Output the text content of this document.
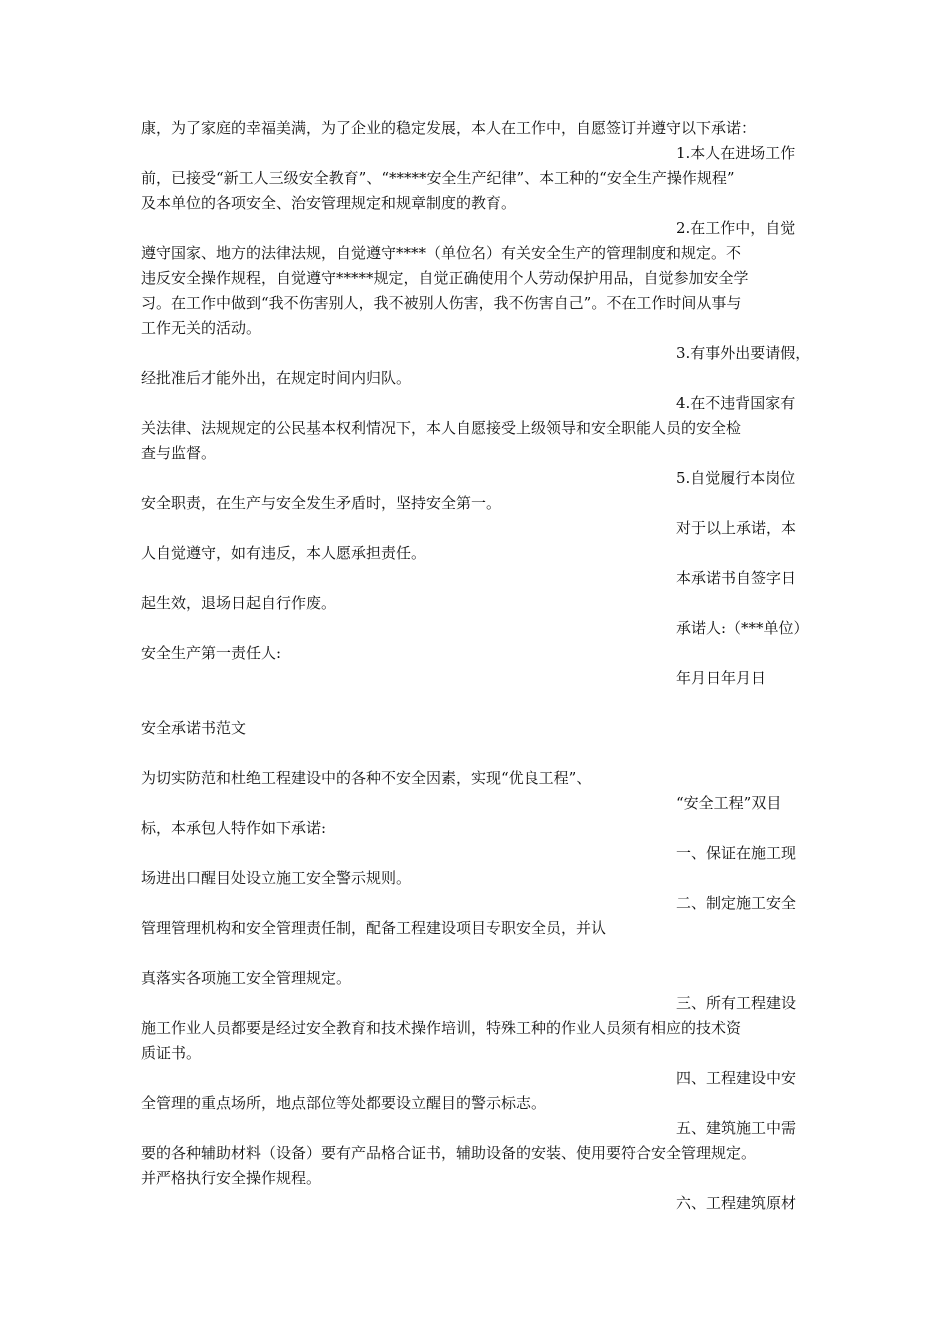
康，为了家庭的幸福美满，为了企业的稳定发展，本人在工作中，自愿签订并遵守以下承诺：

1.本人在进场工作

前，已接受“新工人三级安全教育”、“*****安全生产纪律”、本工种的“安全生产操作规程”

及本单位的各项安全、治安管理规定和规章制度的教育。

2.在工作中，自觉

遵守国家、地方的法律法规，自觉遵守****（单位名）有关安全生产的管理制度和规定。不

违反安全操作规程，自觉遵守*****规定，自觉正确使用个人劳动保护用品，自觉参加安全学

习。在工作中做到“我不伤害别人，我不被别人伤害，我不伤害自己”。不在工作时间从事与

工作无关的活动。

3.有事外出要请假，

经批准后才能外出，在规定时间内归队。

4.在不违背国家有

关法律、法规规定的公民基本权利情况下，本人自愿接受上级领导和安全职能人员的安全检

查与监督。

5.自觉履行本岗位

安全职责，在生产与安全发生矛盾时，坚持安全第一。

对于以上承诺，本

人自觉遵守，如有违反，本人愿承担责任。

本承诺书自签字日

起生效，退场日起自行作废。

承诺人:（***单位）

安全生产第一责任人:

年月日年月日

安全承诺书范文

为切实防范和杜绝工程建设中的各种不安全因素，实现“优良工程”、

“安全工程”双目

标，本承包人特作如下承诺:

一、保证在施工现

场进出口醒目处设立施工安全警示规则。

二、制定施工安全

管理管理机构和安全管理责任制，配备工程建设项目专职安全员，并认

真落实各项施工安全管理规定。

三、所有工程建设

施工作业人员都要是经过安全教育和技术操作培训，特殊工种的作业人员须有相应的技术资

质证书。

四、工程建设中安

全管理的重点场所，地点部位等处都要设立醒目的警示标志。

五、建筑施工中需

要的各种辅助材料（设备）要有产品格合证书，辅助设备的安装、使用要符合安全管理规定。

并严格执行安全操作规程。

六、工程建筑原材
